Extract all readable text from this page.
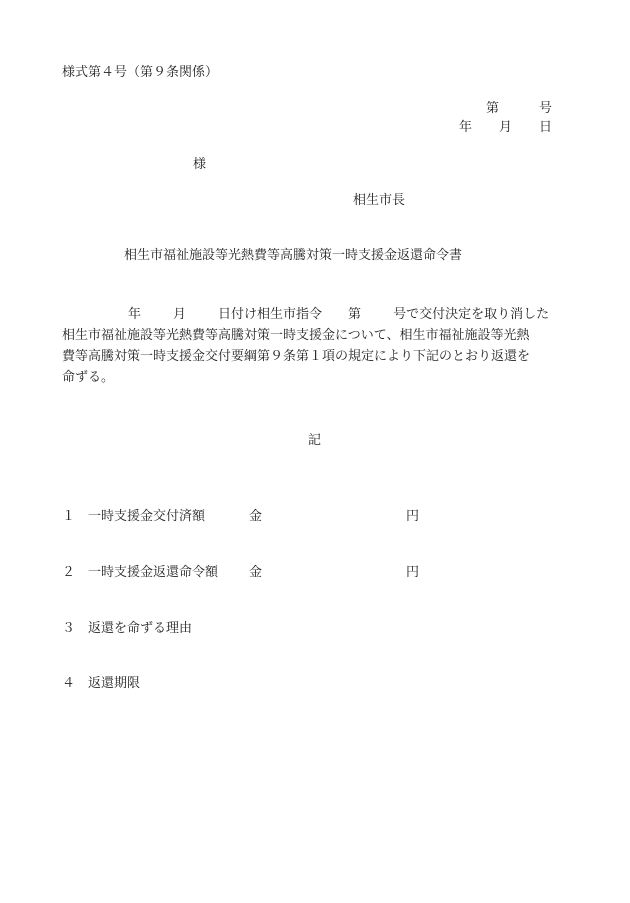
様式第４号（第９条関係）
第	号
年 月 日
様
相生市長
相生市福祉施設等光熱費等高騰対策一時支援金返還命令書
年 月 日付け相生市指令 第 号で交付決定を取り消した
相生市福祉施設等光熱費等高騰対策一時支援金について、相生市福祉施設等光熱
費等高騰対策一時支援金交付要綱第９条第１項の規定により下記のとおり返還を
命ずる。
記
１ 一時支援金交付済額	金	円
２ 一時支援金返還命令額 金	円
３ 返還を命ずる理由
４ 返還期限
